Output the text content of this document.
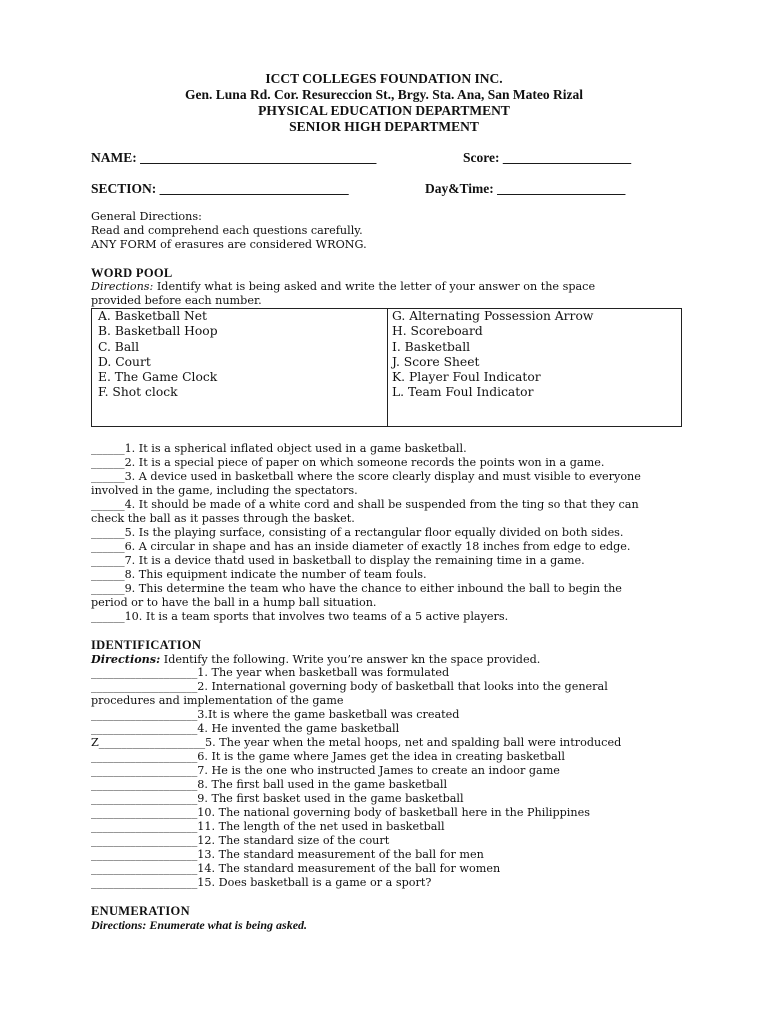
ICCT COLLEGES FOUNDATION INC.
Gen. Luna Rd. Cor. Resureccion St., Brgy. Sta. Ana, San Mateo Rizal
PHYSICAL EDUCATION DEPARTMENT
SENIOR HIGH DEPARTMENT
NAME: ___________________________________	Score: ___________________
SECTION: ____________________________	Day&Time: ___________________
General Directions:
Read and comprehend each questions carefully.
ANY FORM of erasures are considered WRONG.
WORD POOL
Directions: Identify what is being asked and write the letter of your answer on the space
provided before each number.
A. Basketball Net
B. Basketball Hoop
C. Ball
D. Court
E. The Game Clock
F. Shot clock
G. Alternating Possession Arrow
H. Scoreboard
I. Basketball
J. Score Sheet
K. Player Foul Indicator
L. Team Foul Indicator
______1. It is a spherical inflated object used in a game basketball.
______2. It is a special piece of paper on which someone records the points won in a game.
______3. A device used in basketball where the score clearly display and must visible to everyone
involved in the game, including the spectators.
______4. It should be made of a white cord and shall be suspended from the ting so that they can
check the ball as it passes through the basket.
______5. Is the playing surface, consisting of a rectangular floor equally divided on both sides.
______6. A circular in shape and has an inside diameter of exactly 18 inches from edge to edge.
______7. It is a device thatd used in basketball to display the remaining time in a game.
______8. This equipment indicate the number of team fouls.
______9. This determine the team who have the chance to either inbound the ball to begin the
period or to have the ball in a hump ball situation.
______10. It is a team sports that involves two teams of a 5 active players.
IDENTIFICATION
Directions: Identify the following. Write you’re answer kn the space provided.
___________________1. The year when basketball was formulated
___________________2. International governing body of basketball that looks into the general
procedures and implementation of the game
___________________3.It is where the game basketball was created
___________________4. He invented the game basketball
Z___________________5. The year when the metal hoops, net and spalding ball were introduced
___________________6. It is the game where James get the idea in creating basketball
___________________7. He is the one who instructed James to create an indoor game
___________________8. The first ball used in the game basketball
___________________9. The first basket used in the game basketball
___________________10. The national governing body of basketball here in the Philippines
___________________11. The length of the net used in basketball
___________________12. The standard size of the court
___________________13. The standard measurement of the ball for men
___________________14. The standard measurement of the ball for women
___________________15. Does basketball is a game or a sport?
ENUMERATION
Directions: Enumerate what is being asked.
